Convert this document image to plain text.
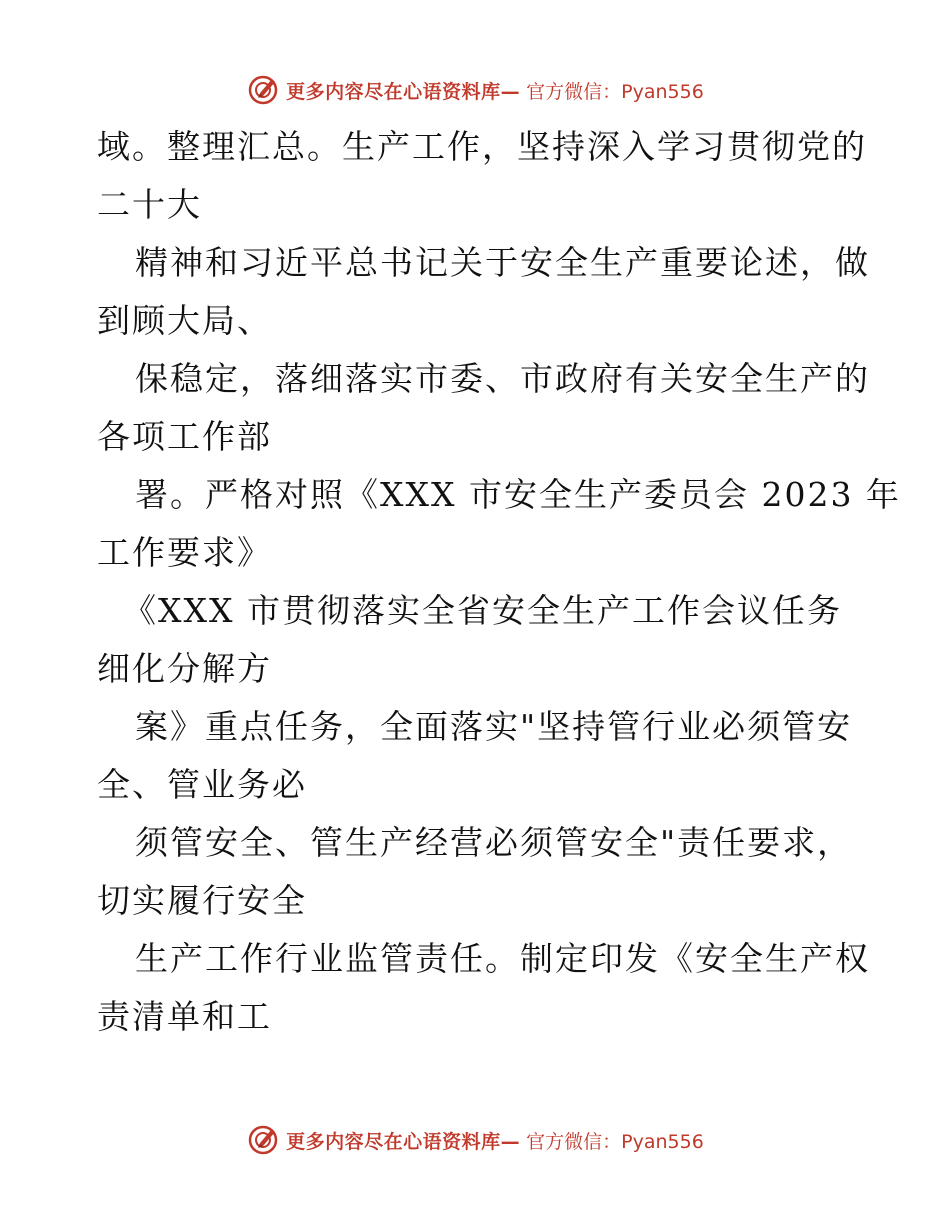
更多内容尽在心语资料库— 官方微信：Pyan556
域。整理汇总。生产工作，坚持深入学习贯彻党的
二十大
精神和习近平总书记关于安全生产重要论述，做
到顾大局、
保稳定，落细落实市委、市政府有关安全生产的
各项工作部
署。严格对照《XXX 市安全生产委员会 2023 年
工作要求》
《XXX 市贯彻落实全省安全生产工作会议任务
细化分解方
案》重点任务，全面落实"坚持管行业必须管安
全、管业务必
须管安全、管生产经营必须管安全"责任要求，
切实履行安全
生产工作行业监管责任。制定印发《安全生产权
责清单和工
更多内容尽在心语资料库— 官方微信：Pyan556
